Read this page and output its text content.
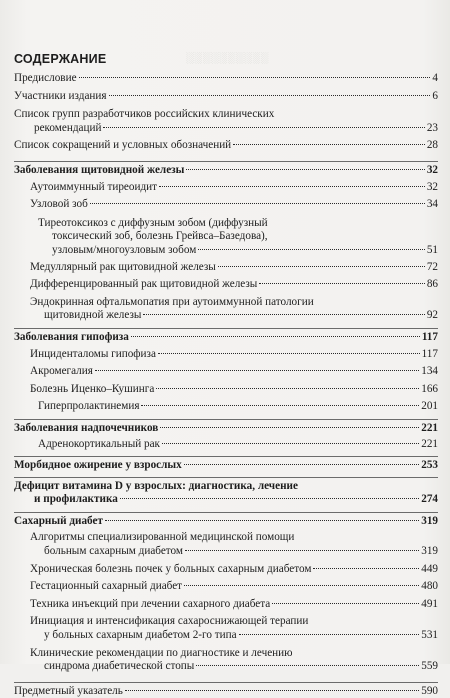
░░░░░░░░░░
СОДЕРЖАНИЕ
Предисловие	4
Участники издания	6
Список групп разработчиков российских клинических
рекомендаций	23
Список сокращений и условных обозначений	28
Заболевания щитовидной железы	32
Аутоиммунный тиреоидит	32
Узловой зоб	34
Тиреотоксикоз с диффузным зобом (диффузный
токсический зоб, болезнь Грейвса–Базедова),
узловым/многоузловым зобом	51
Медуллярный рак щитовидной железы	72
Дифференцированный рак щитовидной железы	86
Эндокринная офтальмопатия при аутоиммунной патологии
щитовидной железы	92
Заболевания гипофиза	117
Инциденталомы гипофиза	117
Акромегалия	134
Болезнь Иценко–Кушинга	166
Гиперпролактинемия	201
Заболевания надпочечников	221
Адренокортикальный рак	221
Морбидное ожирение у взрослых	253
Дефицит витамина D у взрослых: диагностика, лечение
и профилактика	274
Сахарный диабет	319
Алгоритмы специализированной медицинской помощи
больным сахарным диабетом	319
Хроническая болезнь почек у больных сахарным диабетом	449
Гестационный сахарный диабет	480
Техника инъекций при лечении сахарного диабета	491
Инициация и интенсификация сахароснижающей терапии
у больных сахарным диабетом 2-го типа	531
Клинические рекомендации по диагностике и лечению
синдрома диабетической стопы	559
Предметный указатель	590
